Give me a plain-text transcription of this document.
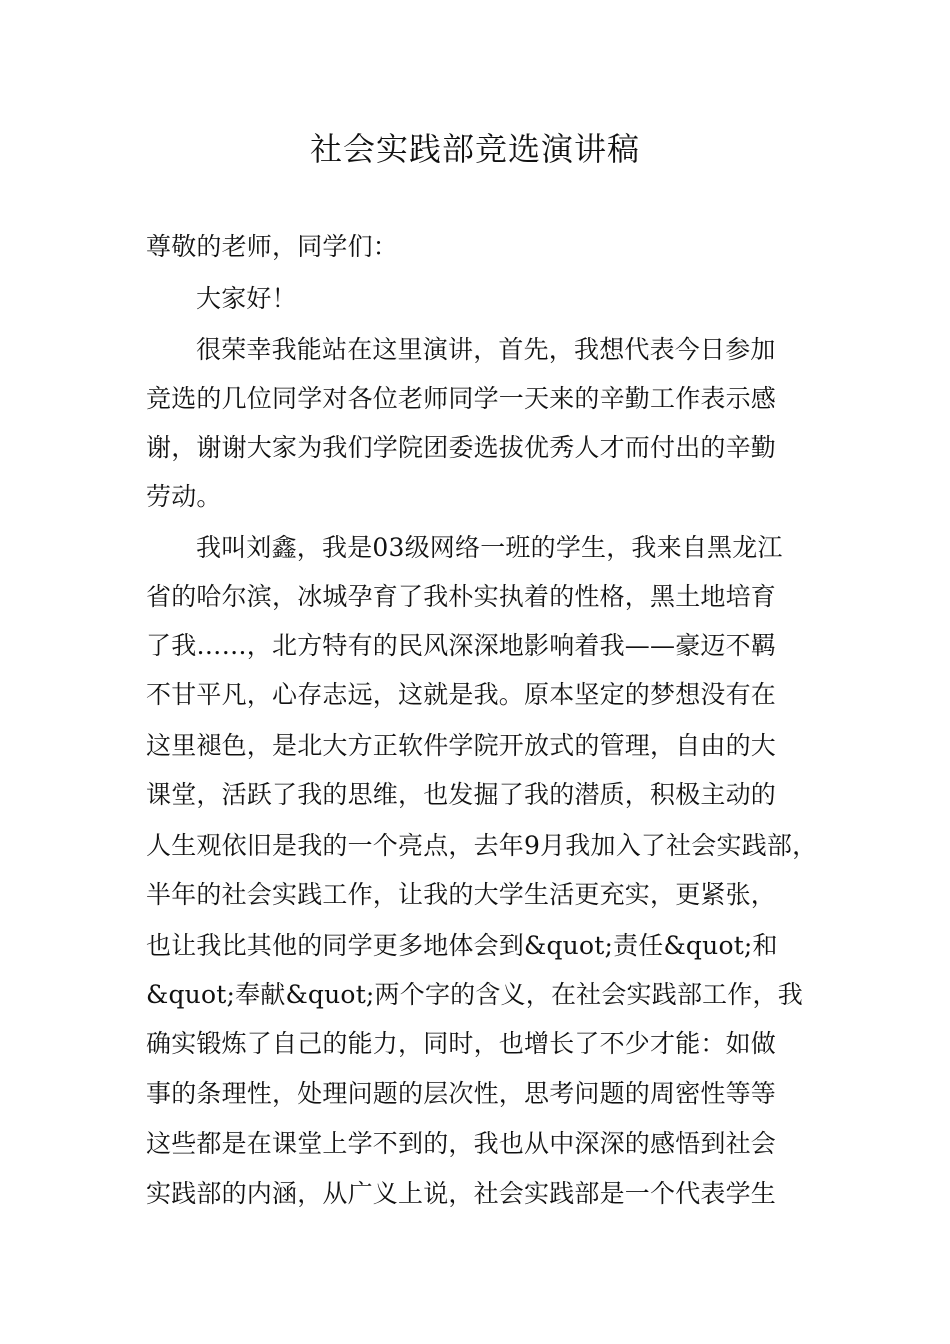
社会实践部竞选演讲稿
尊敬的老师，同学们：
大家好！
很荣幸我能站在这里演讲，首先，我想代表今日参加
竞选的几位同学对各位老师同学一天来的辛勤工作表示感
谢，谢谢大家为我们学院团委选拔优秀人才而付出的辛勤
劳动。
我叫刘鑫，我是03级网络一班的学生，我来自黑龙江
省的哈尔滨，冰城孕育了我朴实执着的性格，黑土地培育
了我……，北方特有的民风深深地影响着我——豪迈不羁
不甘平凡，心存志远，这就是我。原本坚定的梦想没有在
这里褪色，是北大方正软件学院开放式的管理，自由的大
课堂，活跃了我的思维，也发掘了我的潜质，积极主动的
人生观依旧是我的一个亮点，去年9月我加入了社会实践部，
半年的社会实践工作，让我的大学生活更充实，更紧张，
也让我比其他的同学更多地体会到&quot;责任&quot;和
&quot;奉献&quot;两个字的含义，在社会实践部工作，我
确实锻炼了自己的能力，同时，也增长了不少才能：如做
事的条理性，处理问题的层次性，思考问题的周密性等等
这些都是在课堂上学不到的，我也从中深深的感悟到社会
实践部的内涵，从广义上说，社会实践部是一个代表学生
